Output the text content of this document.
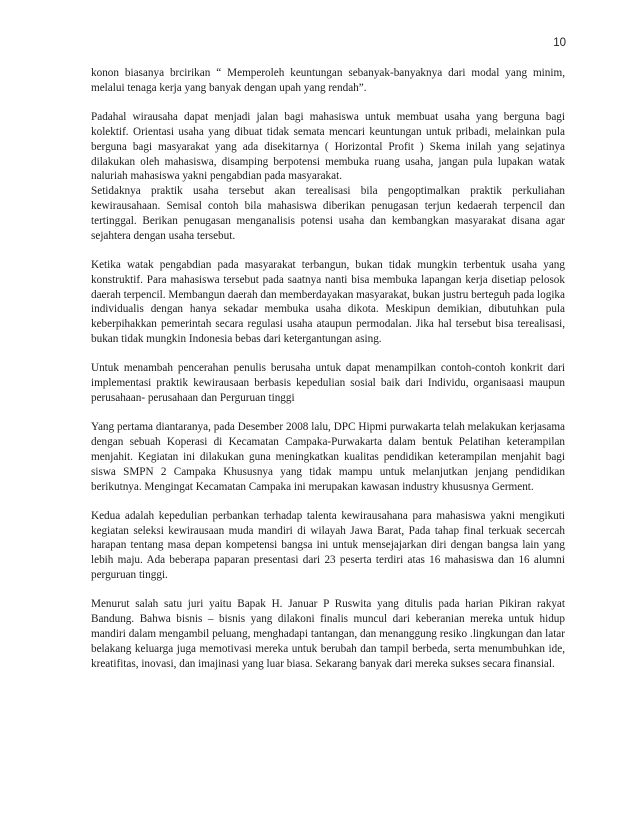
10

konon biasanya brcirikan “ Memperoleh keuntungan sebanyak-banyaknya dari modal yang minim, melalui tenaga kerja yang banyak dengan upah yang rendah”.

Padahal wirausaha dapat menjadi jalan bagi mahasiswa untuk membuat usaha yang berguna bagi kolektif. Orientasi usaha yang dibuat tidak semata mencari keuntungan untuk pribadi, melainkan pula berguna bagi masyarakat yang ada disekitarnya ( Horizontal Profit ) Skema inilah yang sejatinya dilakukan oleh mahasiswa, disamping berpotensi membuka ruang usaha, jangan pula lupakan watak naluriah mahasiswa yakni pengabdian pada masyarakat.

Setidaknya praktik usaha tersebut akan terealisasi bila pengoptimalkan praktik perkuliahan kewirausahaan. Semisal contoh bila mahasiswa diberikan penugasan terjun kedaerah terpencil dan tertinggal. Berikan penugasan menganalisis potensi usaha dan kembangkan masyarakat disana agar sejahtera dengan usaha tersebut.

Ketika watak pengabdian pada masyarakat terbangun, bukan tidak mungkin terbentuk usaha yang konstruktif. Para mahasiswa tersebut pada saatnya nanti bisa membuka lapangan kerja disetiap pelosok daerah terpencil. Membangun daerah dan memberdayakan masyarakat, bukan justru berteguh pada logika individualis dengan hanya sekadar membuka usaha dikota. Meskipun demikian, dibutuhkan pula keberpihakkan pemerintah secara regulasi usaha ataupun permodalan. Jika hal tersebut bisa terealisasi, bukan tidak mungkin Indonesia bebas dari ketergantungan asing.

Untuk menambah pencerahan penulis berusaha untuk dapat menampilkan contoh-contoh konkrit dari implementasi praktik kewirausaan berbasis kepedulian sosial baik dari Individu, organisaasi maupun perusahaan- perusahaan dan Perguruan tinggi

Yang pertama diantaranya, pada Desember 2008 lalu, DPC Hipmi purwakarta telah melakukan kerjasama dengan sebuah Koperasi di Kecamatan Campaka-Purwakarta dalam bentuk Pelatihan keterampilan menjahit. Kegiatan ini dilakukan guna meningkatkan kualitas pendidikan keterampilan menjahit bagi siswa SMPN 2 Campaka Khususnya yang tidak mampu untuk melanjutkan jenjang pendidikan berikutnya. Mengingat Kecamatan Campaka ini merupakan kawasan industry khususnya Germent.

Kedua adalah kepedulian perbankan terhadap talenta kewirausahana para mahasiswa yakni mengikuti kegiatan seleksi kewirausaan muda mandiri di wilayah Jawa Barat, Pada tahap final terkuak secercah harapan tentang masa depan kompetensi bangsa ini untuk mensejajarkan diri dengan bangsa lain yang lebih maju. Ada beberapa paparan presentasi dari 23 peserta terdiri atas 16 mahasiswa dan 16 alumni perguruan tinggi.

Menurut salah satu juri yaitu Bapak H. Januar P Ruswita yang ditulis pada harian Pikiran rakyat Bandung. Bahwa bisnis – bisnis yang dilakoni finalis muncul dari keberanian mereka untuk hidup mandiri dalam mengambil peluang, menghadapi tantangan, dan menanggung resiko .lingkungan dan latar belakang keluarga juga memotivasi mereka untuk berubah dan tampil berbeda, serta menumbuhkan ide, kreatifitas, inovasi, dan imajinasi yang luar biasa. Sekarang banyak dari mereka sukses secara finansial.
